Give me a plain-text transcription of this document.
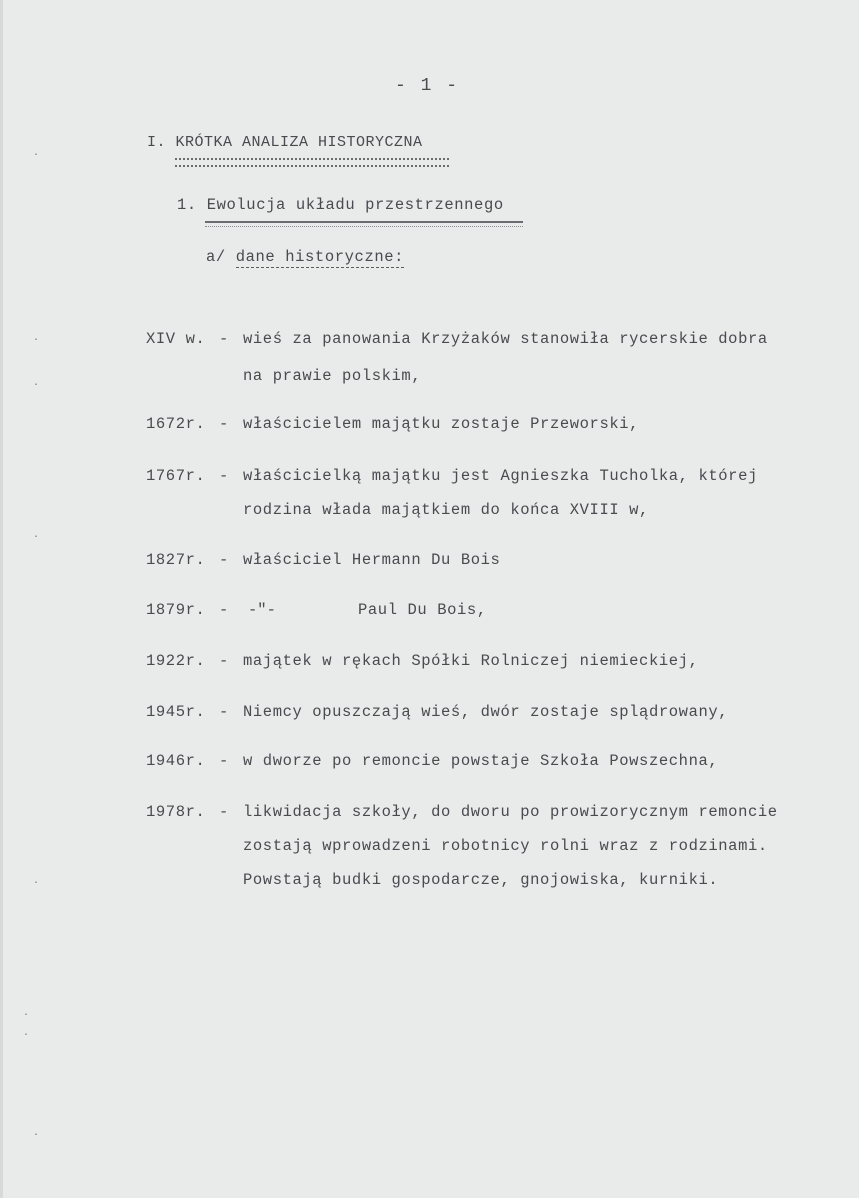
- 1 -
I. KRÓTKA ANALIZA HISTORYCZNA
1. Ewolucja układu przestrzennego
a/ dane historyczne:
XIV w. - wieś za panowania Krzyżaków stanowiła rycerskie dobra
na prawie polskim,
1672r. - właścicielem majątku zostaje Przeworski,
1767r. - właścicielką majątku jest Agnieszka Tucholka, której
rodzina włada majątkiem do końca XVIII w,
1827r. - właściciel Hermann Du Bois
1879r. - -"-	Paul Du Bois,
1922r. - majątek w rękach Spółki Rolniczej niemieckiej,
1945r. - Niemcy opuszczają wieś, dwór zostaje splądrowany,
1946r. - w dworze po remoncie powstaje Szkoła Powszechna,
1978r. - likwidacja szkoły, do dworu po prowizorycznym remoncie
zostają wprowadzeni robotnicy rolni wraz z rodzinami.
Powstają budki gospodarcze, gnojowiska, kurniki.
·
·
·
·
·
·
·
·
